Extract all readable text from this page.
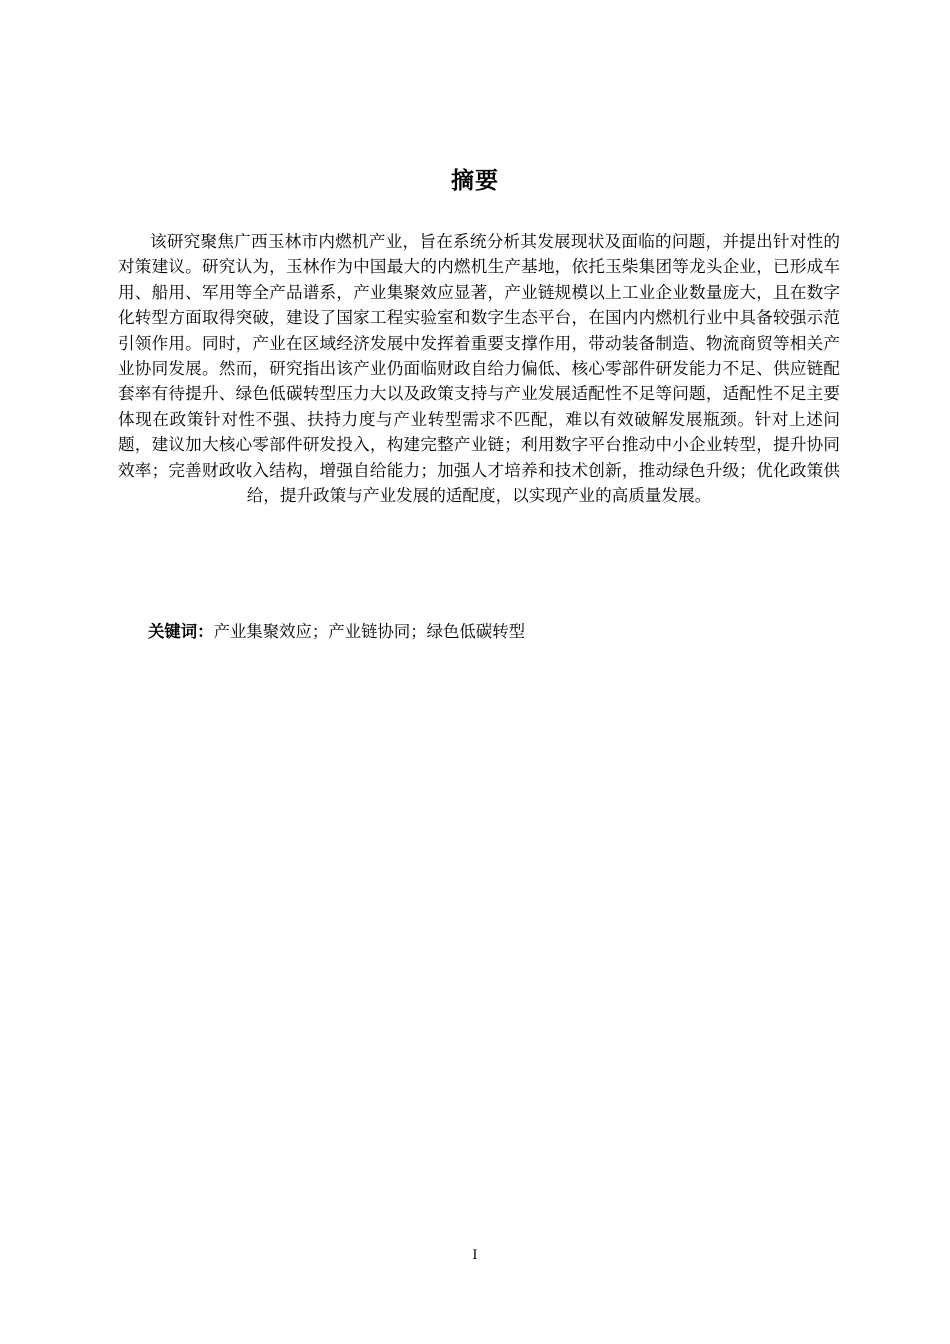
摘要

该研究聚焦广西玉林市内燃机产业，旨在系统分析其发展现状及面临的问题，并提出针对性的对策建议。研究认为，玉林作为中国最大的内燃机生产基地，依托玉柴集团等龙头企业，已形成车用、船用、军用等全产品谱系，产业集聚效应显著，产业链规模以上工业企业数量庞大，且在数字化转型方面取得突破，建设了国家工程实验室和数字生态平台，在国内内燃机行业中具备较强示范引领作用。同时，产业在区域经济发展中发挥着重要支撑作用，带动装备制造、物流商贸等相关产业协同发展。然而，研究指出该产业仍面临财政自给力偏低、核心零部件研发能力不足、供应链配套率有待提升、绿色低碳转型压力大以及政策支持与产业发展适配性不足等问题，适配性不足主要体现在政策针对性不强、扶持力度与产业转型需求不匹配，难以有效破解发展瓶颈。针对上述问题，建议加大核心零部件研发投入，构建完整产业链；利用数字平台推动中小企业转型，提升协同效率；完善财政收入结构，增强自给能力；加强人才培养和技术创新，推动绿色升级；优化政策供给，提升政策与产业发展的适配度，以实现产业的高质量发展。

关键词：产业集聚效应；产业链协同；绿色低碳转型
I
